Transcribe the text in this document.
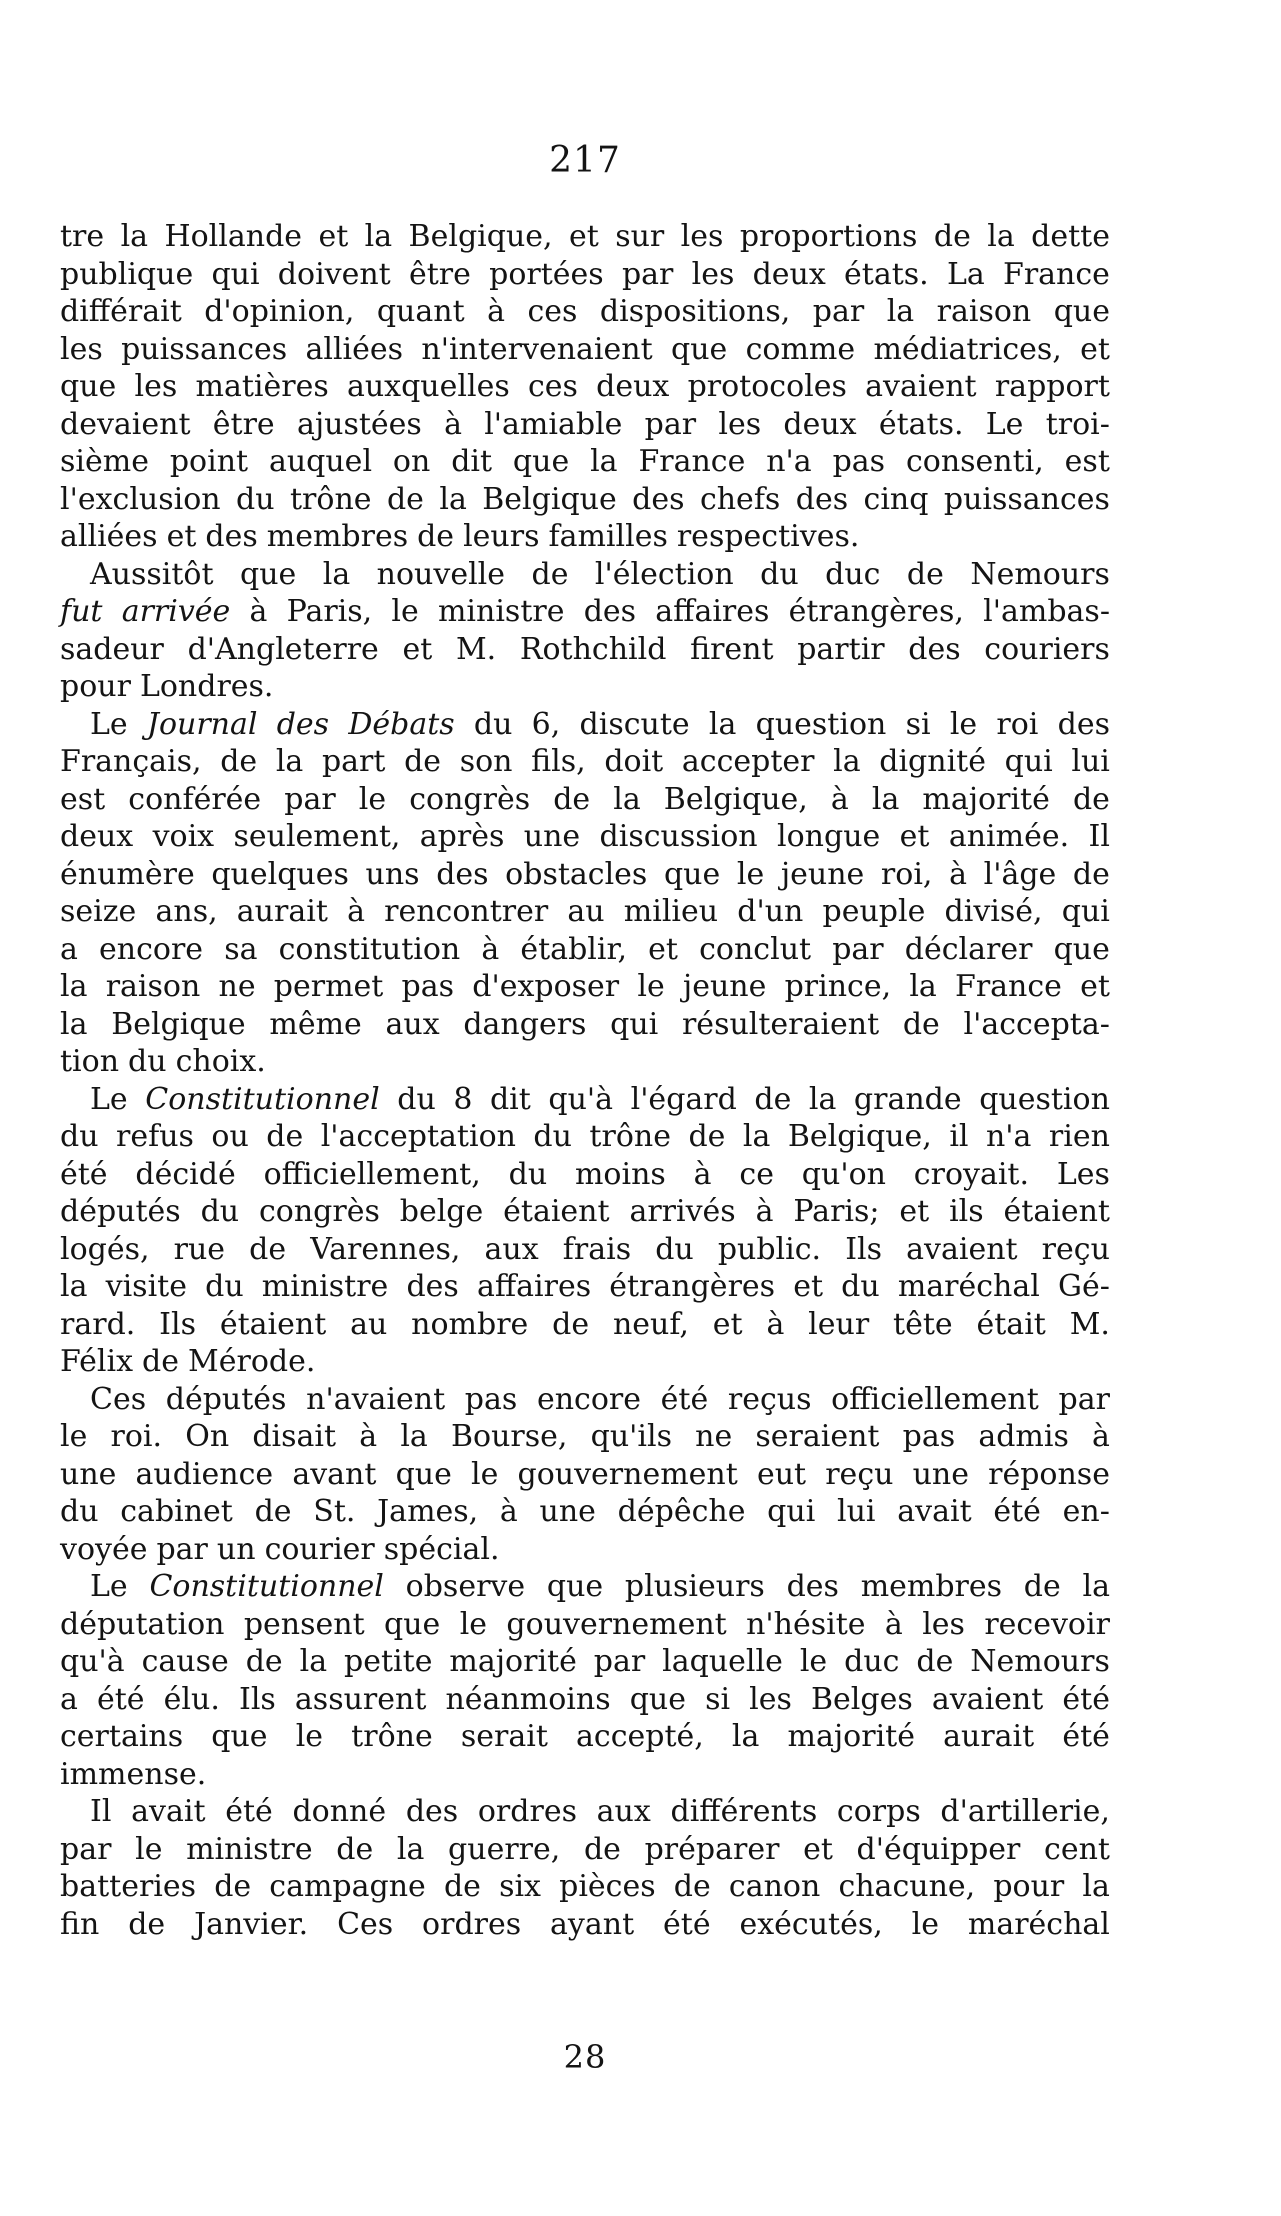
217
tre la Hollande et la Belgique, et sur les proportions de la dette
publique qui doivent être portées par les deux états. La France
différait d'opinion, quant à ces dispositions, par la raison que
les puissances alliées n'intervenaient que comme médiatrices, et
que les matières auxquelles ces deux protocoles avaient rapport
devaient être ajustées à l'amiable par les deux états. Le troi-
sième point auquel on dit que la France n'a pas consenti, est
l'exclusion du trône de la Belgique des chefs des cinq puissances
alliées et des membres de leurs familles respectives.
Aussitôt que la nouvelle de l'élection du duc de Nemours
fut arrivée à Paris, le ministre des affaires étrangères, l'ambas-
sadeur d'Angleterre et M. Rothchild firent partir des couriers
pour Londres.
Le Journal des Débats du 6, discute la question si le roi des
Français, de la part de son fils, doit accepter la dignité qui lui
est conférée par le congrès de la Belgique, à la majorité de
deux voix seulement, après une discussion longue et animée. Il
énumère quelques uns des obstacles que le jeune roi, à l'âge de
seize ans, aurait à rencontrer au milieu d'un peuple divisé, qui
a encore sa constitution à établir, et conclut par déclarer que
la raison ne permet pas d'exposer le jeune prince, la France et
la Belgique même aux dangers qui résulteraient de l'accepta-
tion du choix.
Le Constitutionnel du 8 dit qu'à l'égard de la grande question
du refus ou de l'acceptation du trône de la Belgique, il n'a rien
été décidé officiellement, du moins à ce qu'on croyait. Les
députés du congrès belge étaient arrivés à Paris; et ils étaient
logés, rue de Varennes, aux frais du public. Ils avaient reçu
la visite du ministre des affaires étrangères et du maréchal Gé-
rard. Ils étaient au nombre de neuf, et à leur tête était M.
Félix de Mérode.
Ces députés n'avaient pas encore été reçus officiellement par
le roi. On disait à la Bourse, qu'ils ne seraient pas admis à
une audience avant que le gouvernement eut reçu une réponse
du cabinet de St. James, à une dépêche qui lui avait été en-
voyée par un courier spécial.
Le Constitutionnel observe que plusieurs des membres de la
députation pensent que le gouvernement n'hésite à les recevoir
qu'à cause de la petite majorité par laquelle le duc de Nemours
a été élu. Ils assurent néanmoins que si les Belges avaient été
certains que le trône serait accepté, la majorité aurait été
immense.
Il avait été donné des ordres aux différents corps d'artillerie,
par le ministre de la guerre, de préparer et d'équipper cent
batteries de campagne de six pièces de canon chacune, pour la
fin de Janvier. Ces ordres ayant été exécutés, le maréchal
28
